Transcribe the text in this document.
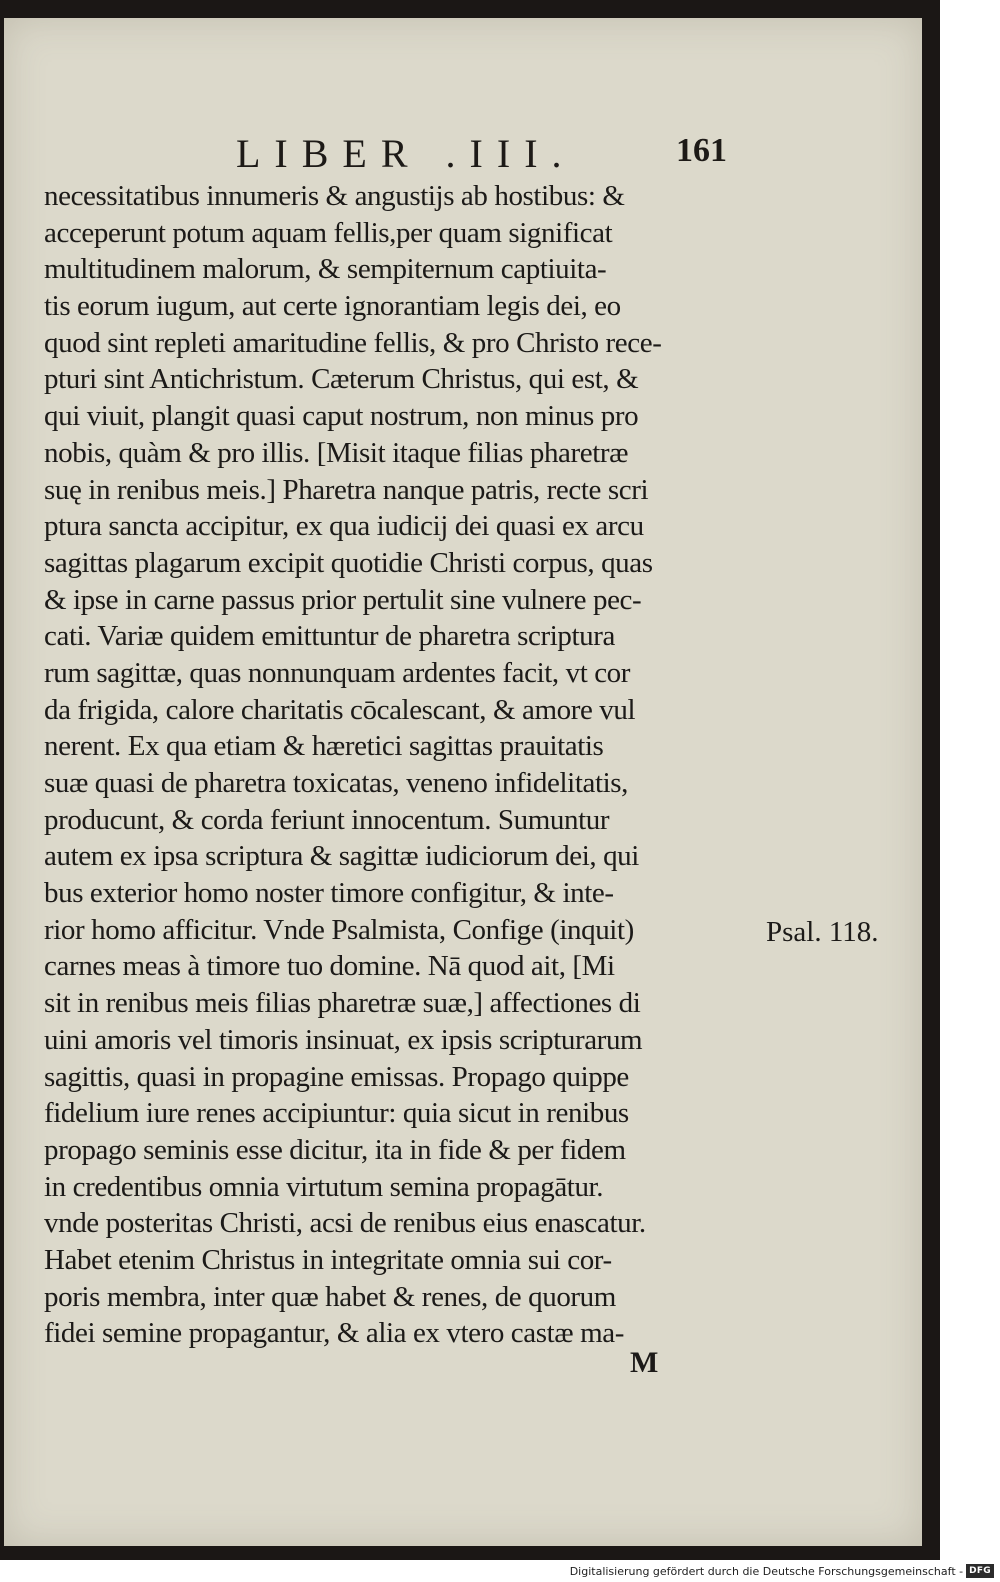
LIBER .III.	161
necessitatibus innumeris & angustijs ab hostibus: &
acceperunt potum aquam fellis,per quam significat
multitudinem malorum, & sempiternum captiuita-
tis eorum iugum, aut certe ignorantiam legis dei, eo
quod sint repleti amaritudine fellis, & pro Christo rece-
pturi sint Antichristum. Cæterum Christus, qui est, &
qui viuit, plangit quasi caput nostrum, non minus pro
nobis, quàm & pro illis. [Misit itaque filias pharetræ
suę in renibus meis.] Pharetra nanque patris, recte scri
ptura sancta accipitur, ex qua iudicij dei quasi ex arcu
sagittas plagarum excipit quotidie Christi corpus, quas
& ipse in carne passus prior pertulit sine vulnere pec-
cati. Variæ quidem emittuntur de pharetra scriptura
rum sagittæ, quas nonnunquam ardentes facit, vt cor
da frigida, calore charitatis cōcalescant, & amore vul
nerent. Ex qua etiam & hæretici sagittas prauitatis
suæ quasi de pharetra toxicatas, veneno infidelitatis,
producunt, & corda feriunt innocentum. Sumuntur
autem ex ipsa scriptura & sagittæ iudiciorum dei, qui
bus exterior homo noster timore configitur, & inte-
rior homo afficitur. Vnde Psalmista, Confige (inquit)
carnes meas à timore tuo domine. Nā quod ait, [Mi
sit in renibus meis filias pharetræ suæ,] affectiones di
uini amoris vel timoris insinuat, ex ipsis scripturarum
sagittis, quasi in propagine emissas. Propago quippe
fidelium iure renes accipiuntur: quia sicut in renibus
propago seminis esse dicitur, ita in fide & per fidem
in credentibus omnia virtutum semina propagātur.
vnde posteritas Christi, acsi de renibus eius enascatur.
Habet etenim Christus in integritate omnia sui cor-
poris membra, inter quæ habet & renes, de quorum
fidei semine propagantur, & alia ex vtero castæ ma-
Psal. 118.
M
Digitalisierung gefördert durch die Deutsche Forschungsgemeinschaft - DFG
